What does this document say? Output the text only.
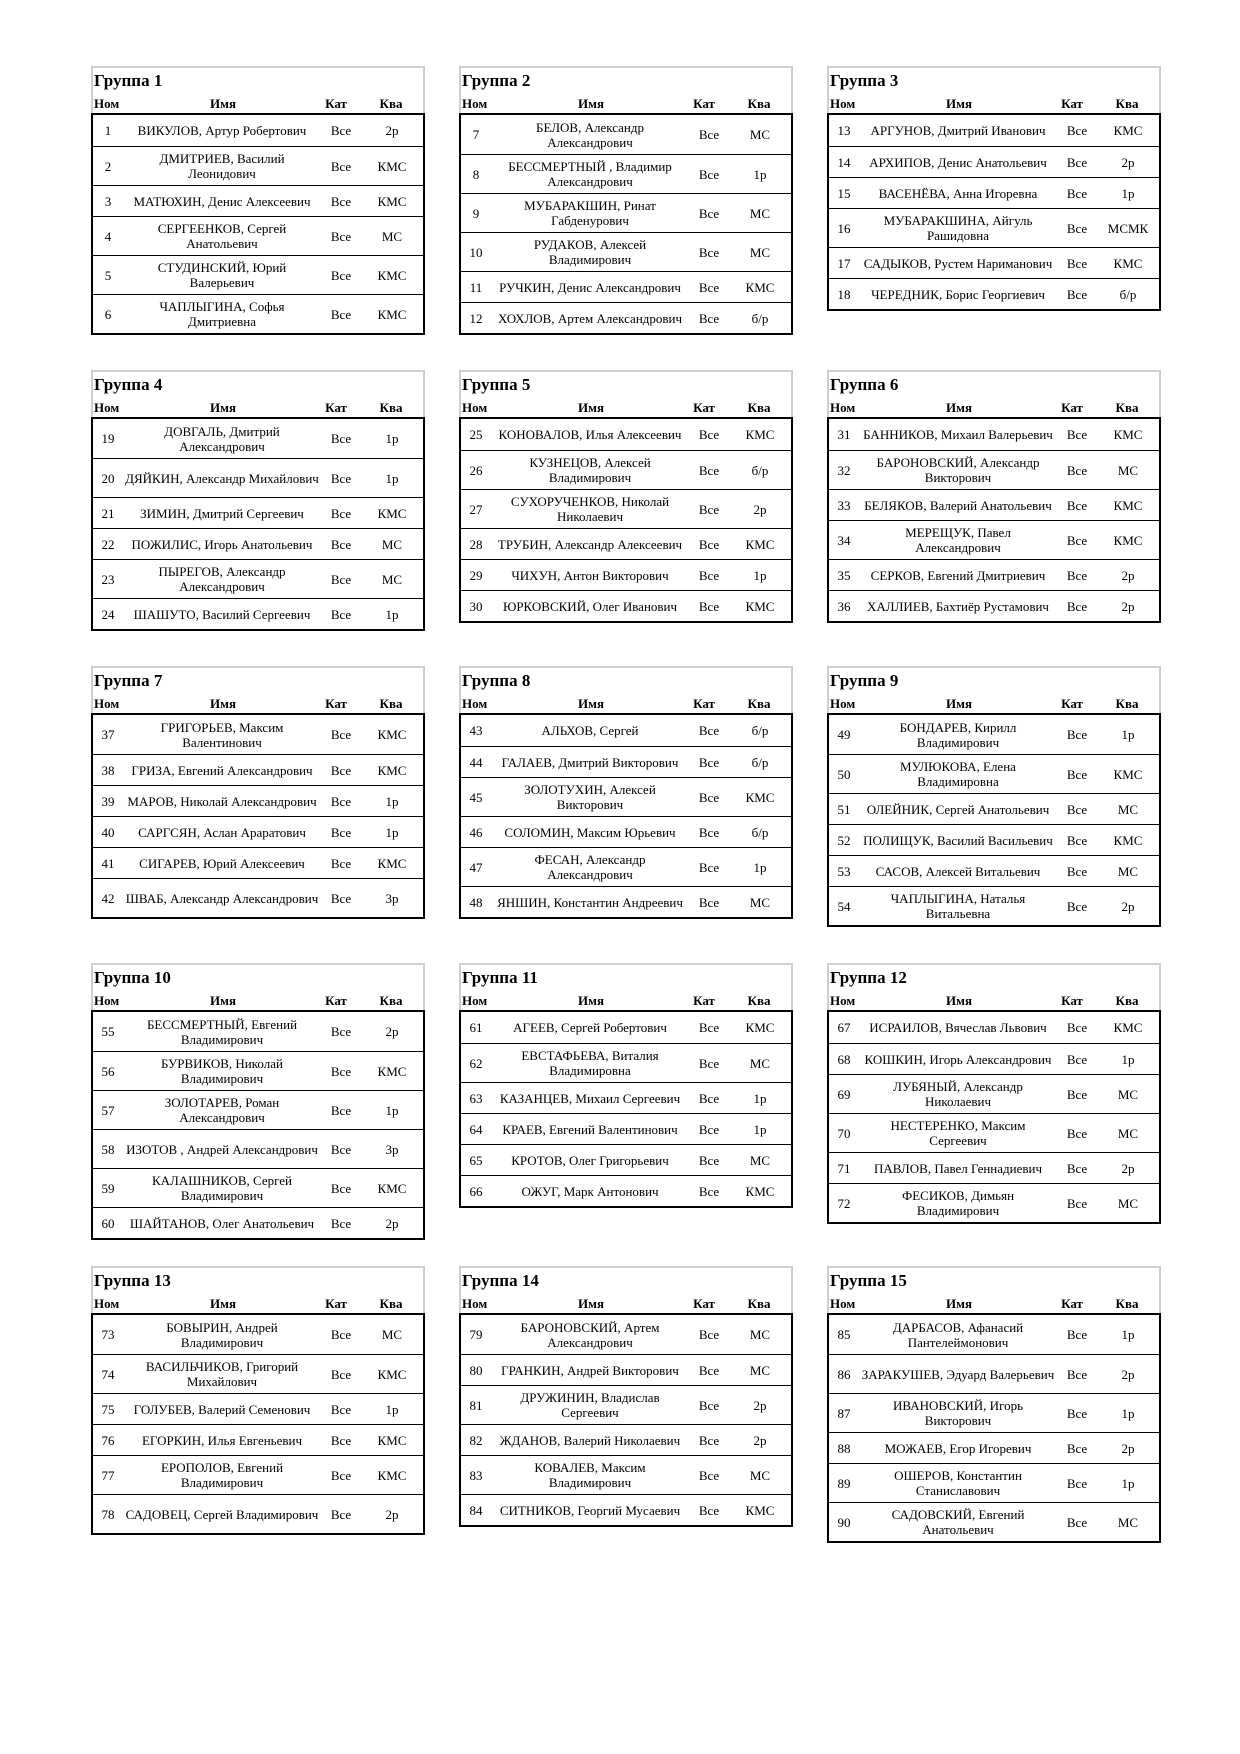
Группа 1
Ном	Имя	Кат	Ква
1	ВИКУЛОВ, Артур Робертович	Все	2р
2	ДМИТРИЕВ, Василий Леонидович	Все	КМС
3	МАТЮХИН, Денис Алексеевич	Все	КМС
4	СЕРГЕЕНКОВ, Сергей Анатольевич	Все	МС
5	СТУДИНСКИЙ, Юрий Валерьевич	Все	КМС
6	ЧАПЛЫГИНА, Софья Дмитриевна	Все	КМС
Группа 2
Ном	Имя	Кат	Ква
7	БЕЛОВ, Александр Александрович	Все	МС
8	БЕССМЕРТНЫЙ , Владимир Александрович	Все	1р
9	МУБАРАКШИН, Ринат Габденурович	Все	МС
10	РУДАКОВ, Алексей Владимирович	Все	МС
11	РУЧКИН, Денис Александрович	Все	КМС
12	ХОХЛОВ, Артем Александрович	Все	б/р
Группа 3
Ном	Имя	Кат	Ква
13	АРГУНОВ, Дмитрий Иванович	Все	КМС
14	АРХИПОВ, Денис Анатольевич	Все	2р
15	ВАСЕНЁВА, Анна Игоревна	Все	1р
16	МУБАРАКШИНА, Айгуль Рашидовна	Все	МСМК
17	САДЫКОВ, Рустем Нариманович	Все	КМС
18	ЧЕРЕДНИК, Борис Георгиевич	Все	б/р
Группа 4
Ном	Имя	Кат	Ква
19	ДОВГАЛЬ, Дмитрий Александрович	Все	1р
20 ДЯЙКИН, Александр Михайлович Все	1р
21	ЗИМИН, Дмитрий Сергеевич	Все	КМС
22	ПОЖИЛИС, Игорь Анатольевич	Все	МС
23	ПЫРЕГОВ, Александр Александрович	Все	МС
24	ШАШУТО, Василий Сергеевич	Все	1р
Группа 5
Ном	Имя	Кат	Ква
25	КОНОВАЛОВ, Илья Алексеевич	Все	КМС
26	КУЗНЕЦОВ, Алексей Владимирович	Все	б/р
27	СУХОРУЧЕНКОВ, Николай Николаевич	Все	2р
28	ТРУБИН, Александр Алексеевич	Все	КМС
29	ЧИХУН, Антон Викторович	Все	1р
30	ЮРКОВСКИЙ, Олег Иванович	Все	КМС
Группа 6
Ном	Имя	Кат	Ква
31 БАННИКОВ, Михаил Валерьевич	Все	КМС
32	БАРОНОВСКИЙ, Александр Викторович	Все	МС
33	БЕЛЯКОВ, Валерий Анатольевич	Все	КМС
34	МЕРЕЩУК, Павел Александрович	Все	КМС
35	СЕРКОВ, Евгений Дмитриевич	Все	2р
36	ХАЛЛИЕВ, Бахтиёр Рустамович	Все	2р
Группа 7
Ном	Имя	Кат	Ква
37	ГРИГОРЬЕВ, Максим Валентинович	Все	КМС
38	ГРИЗА, Евгений Александрович	Все	КМС
39 МАРОВ, Николай Александрович	Все	1р
40	САРГСЯН, Аслан Араратович	Все	1р
41	СИГАРЕВ, Юрий Алексеевич	Все	КМС
42 ШВАБ, Александр Александрович Все	3р
Группа 8
Ном	Имя	Кат	Ква
43	АЛЬХОВ, Сергей	Все	б/р
44	ГАЛАЕВ, Дмитрий Викторович	Все	б/р
45	ЗОЛОТУХИН, Алексей Викторович	Все	КМС
46	СОЛОМИН, Максим Юрьевич	Все	б/р
47	ФЕСАН, Александр Александрович	Все	1р
48	ЯНШИН, Константин Андреевич	Все	МС
Группа 9
Ном	Имя	Кат	Ква
49	БОНДАРЕВ, Кирилл Владимирович	Все	1р
50	МУЛЮКОВА, Елена Владимировна	Все	КМС
51	ОЛЕЙНИК, Сергей Анатольевич	Все	МС
52 ПОЛИЩУК, Василий Васильевич	Все	КМС
53	САСОВ, Алексей Витальевич	Все	МС
54	ЧАПЛЫГИНА, Наталья Витальевна	Все	2р
Группа 10
Ном	Имя	Кат	Ква
55	БЕССМЕРТНЫЙ, Евгений Владимирович	Все	2р
56	БУРВИКОВ, Николай Владимирович	Все	КМС
57	ЗОЛОТАРЕВ, Роман Александрович	Все	1р
58 ИЗОТОВ , Андрей Александрович Все	3р
59	КАЛАШНИКОВ, Сергей Владимирович	Все	КМС
60	ШАЙТАНОВ, Олег Анатольевич	Все	2р
Группа 11
Ном	Имя	Кат	Ква
61	АГЕЕВ, Сергей Робертович	Все	КМС
62	ЕВСТАФЬЕВА, Виталия Владимировна	Все	МС
63	КАЗАНЦЕВ, Михаил Сергеевич	Все	1р
64	КРАЕВ, Евгений Валентинович	Все	1р
65	КРОТОВ, Олег Григорьевич	Все	МС
66	ОЖУГ, Марк Антонович	Все	КМС
Группа 12
Ном	Имя	Кат	Ква
67	ИСРАИЛОВ, Вячеслав Львович	Все	КМС
68	КОШКИН, Игорь Александрович	Все	1р
69	ЛУБЯНЫЙ, Александр Николаевич	Все	МС
70	НЕСТЕРЕНКО, Максим Сергеевич	Все	МС
71	ПАВЛОВ, Павел Геннадиевич	Все	2р
72	ФЕСИКОВ, Димьян Владимирович	Все	МС
Группа 13
Ном	Имя	Кат	Ква
73	БОВЫРИН, Андрей Владимирович	Все	МС
74	ВАСИЛЬЧИКОВ, Григорий Михайлович	Все	КМС
75	ГОЛУБЕВ, Валерий Семенович	Все	1р
76	ЕГОРКИН, Илья Евгеньевич	Все	КМС
77	ЕРОПОЛОВ, Евгений Владимирович	Все	КМС
78 САДОВЕЦ, Сергей Владимирович Все	2р
Группа 14
Ном	Имя	Кат	Ква
79	БАРОНОВСКИЙ, Артем Александрович	Все	МС
80	ГРАНКИН, Андрей Викторович	Все	МС
81	ДРУЖИНИН, Владислав Сергеевич	Все	2р
82	ЖДАНОВ, Валерий Николаевич	Все	2р
83	КОВАЛЕВ, Максим Владимирович	Все	МС
84	СИТНИКОВ, Георгий Мусаевич	Все	КМС
Группа 15
Ном	Имя	Кат	Ква
85	ДАРБАСОВ, Афанасий Пантелеймонович	Все	1р
86 ЗАРАКУШЕВ, Эдуард Валерьевич Все	2р
87	ИВАНОВСКИЙ, Игорь Викторович	Все	1р
88	МОЖАЕВ, Егор Игоревич	Все	2р
89	ОШЕРОВ, Константин Станиславович	Все	1р
90	САДОВСКИЙ, Евгений Анатольевич	Все	МС
